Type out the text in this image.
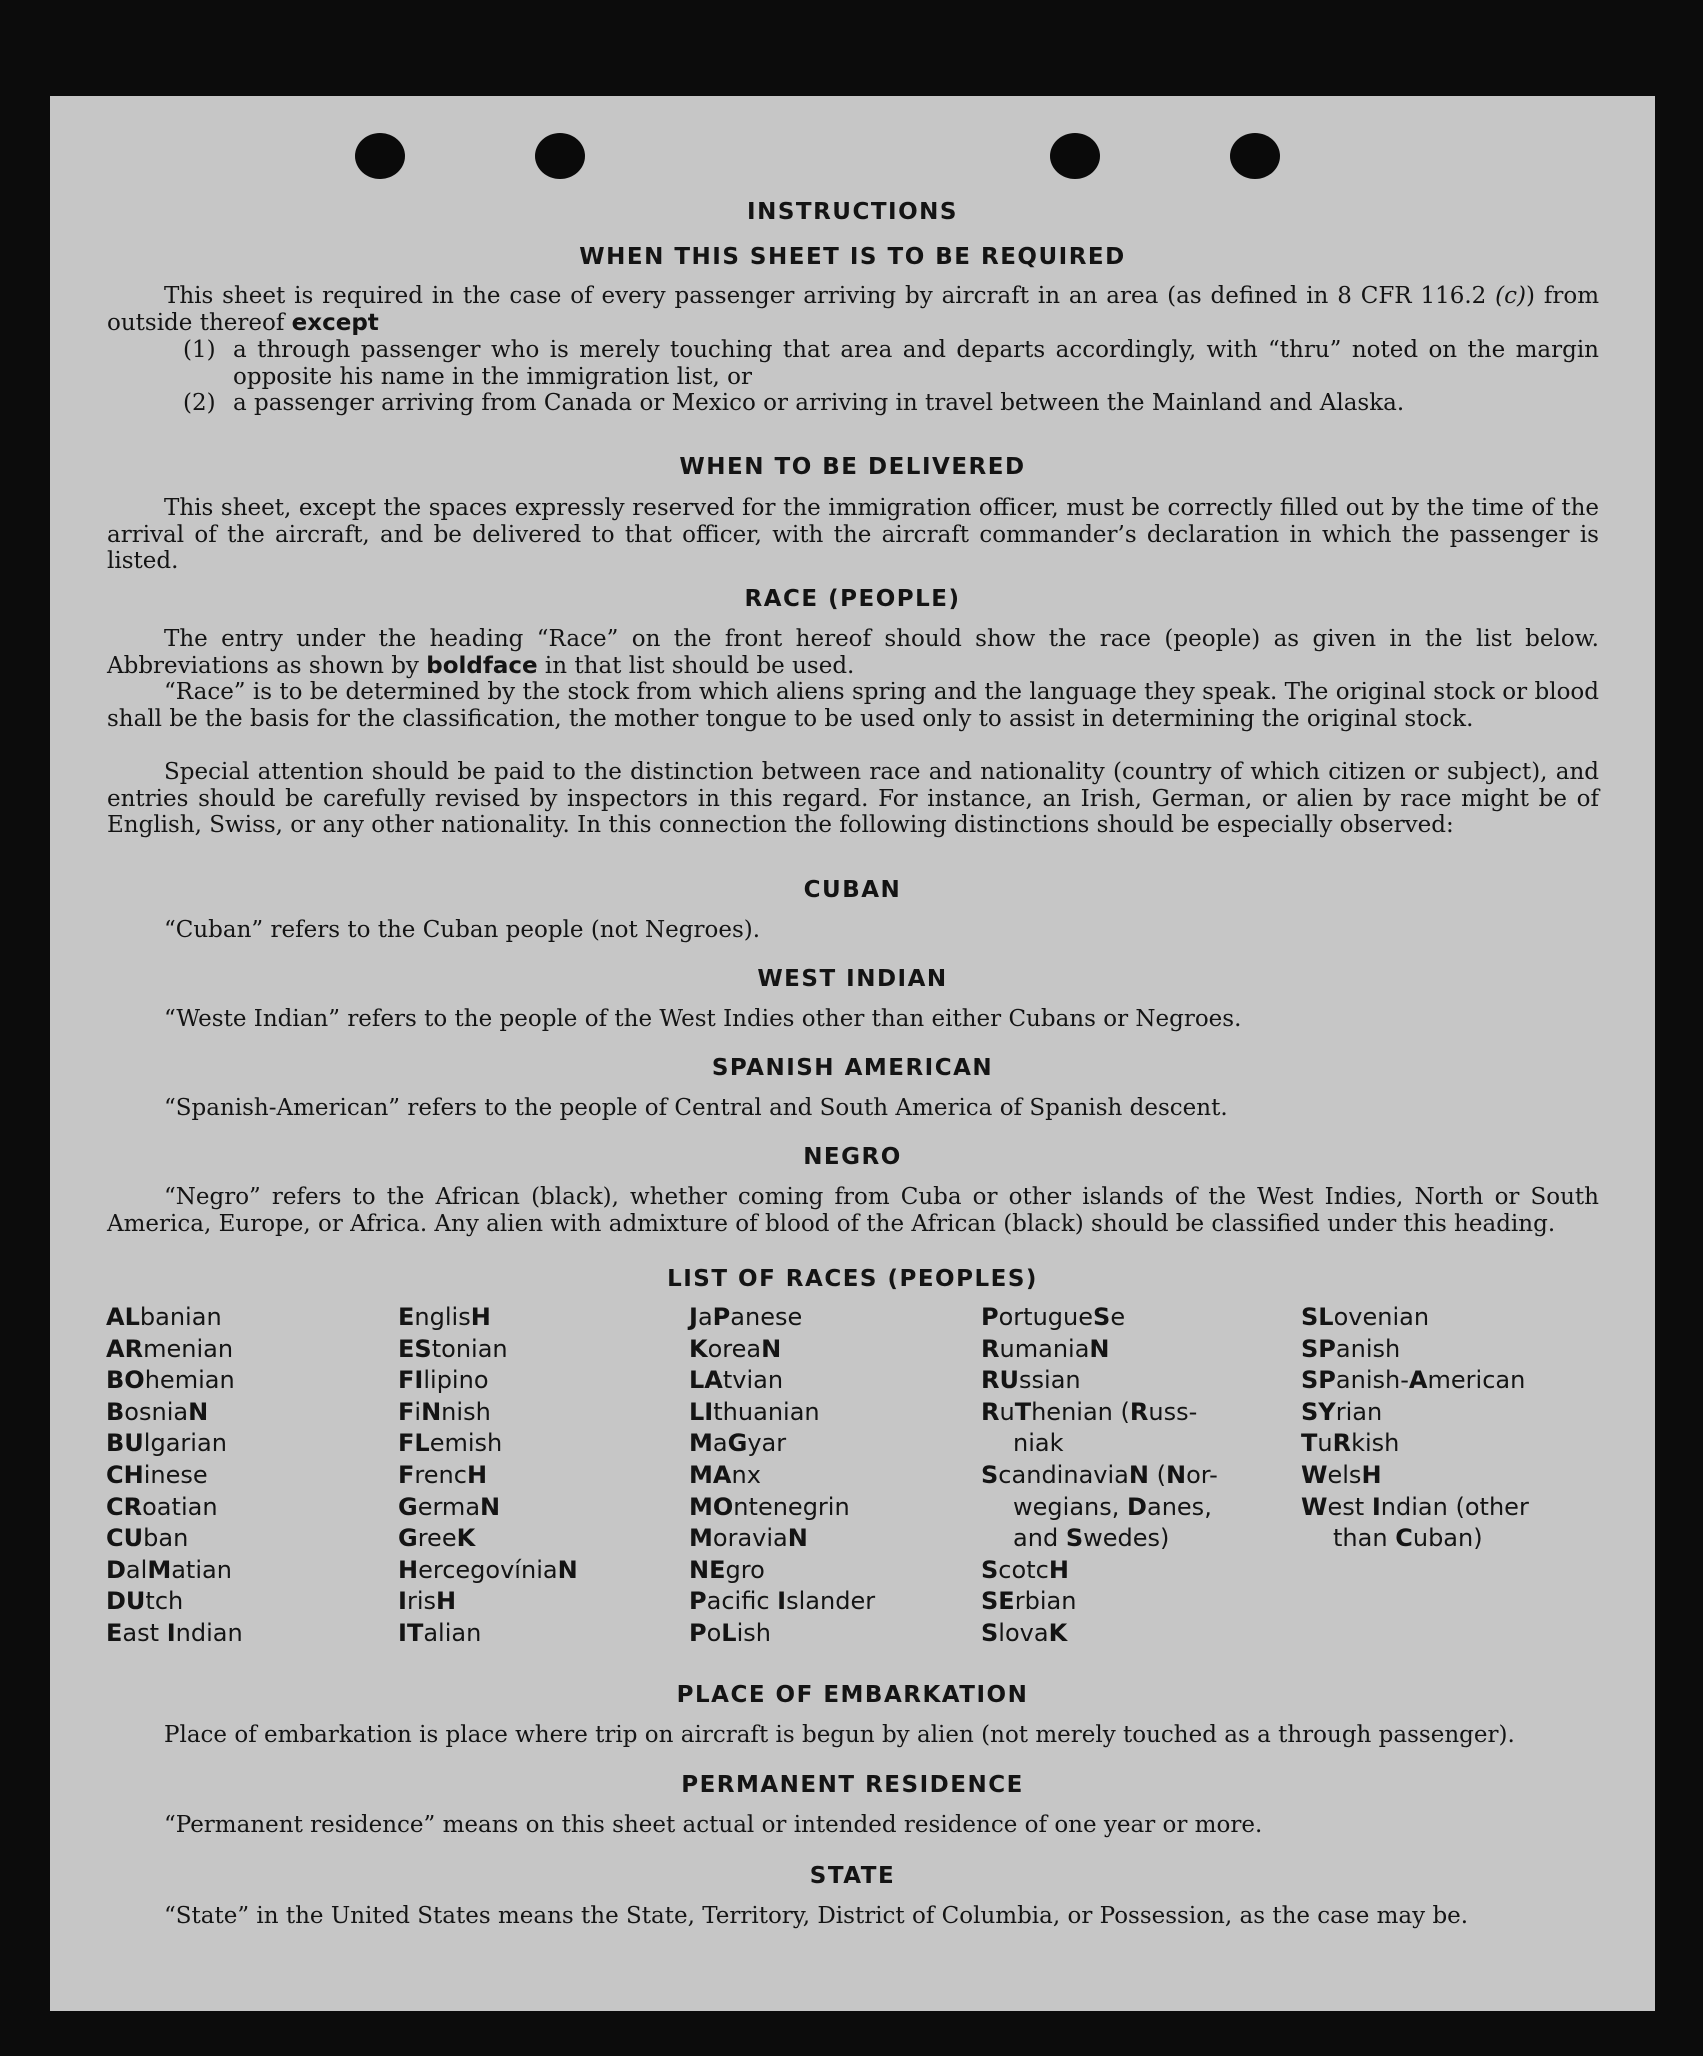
INSTRUCTIONS
WHEN THIS SHEET IS TO BE REQUIRED
This sheet is required in the case of every passenger arriving by aircraft in an area (as defined in 8 CFR 116.2 (c)) from outside thereof except
(1) a through passenger who is merely touching that area and departs accordingly, with “thru” noted on the margin opposite his name in the immigration list, or
(2) a passenger arriving from Canada or Mexico or arriving in travel between the Mainland and Alaska.
WHEN TO BE DELIVERED
This sheet, except the spaces expressly reserved for the immigration officer, must be correctly filled out by the time of the arrival of the aircraft, and be delivered to that officer, with the aircraft commander’s declaration in which the passenger is listed.
RACE (PEOPLE)
The entry under the heading “Race” on the front hereof should show the race (people) as given in the list below. Abbreviations as shown by boldface in that list should be used.
“Race” is to be determined by the stock from which aliens spring and the language they speak. The original stock or blood shall be the basis for the classification, the mother tongue to be used only to assist in determining the original stock.
Special attention should be paid to the distinction between race and nationality (country of which citizen or subject), and entries should be carefully revised by inspectors in this regard. For instance, an Irish, German, or alien by race might be of English, Swiss, or any other nationality. In this connection the following distinctions should be especially observed:
CUBAN
“Cuban” refers to the Cuban people (not Negroes).
WEST INDIAN
“Weste Indian” refers to the people of the West Indies other than either Cubans or Negroes.
SPANISH AMERICAN
“Spanish-American” refers to the people of Central and South America of Spanish descent.
NEGRO
“Negro” refers to the African (black), whether coming from Cuba or other islands of the West Indies, North or South America, Europe, or Africa. Any alien with admixture of blood of the African (black) should be classified under this heading.
LIST OF RACES (PEOPLES)
ALbanian
ARmenian
BOhemian
BosniaN
BUlgarian
CHinese
CRoatian
CUban
DalMatian
DUtch
East Indian
EnglisH
EStonian
FIlipino
FiNnish
FLemish
FrencH
GermaN
GreeK
HercegovíniaN
IrisH
ITalian
JaPanese
KoreaN
LAtvian
LIthuanian
MaGyar
MAnx
MOntenegrin
MoraviaN
NEgro
Pacifc Islander
PoLish
PortugueSe
RumaniaN
RUssian
RuThenian (Russ-
niak
ScandinaviaN (Nor-
wegians, Danes,
and Swedes)
ScotcH
SErbian
SlovaK
SLovenian
SPanish
SPanish-American
SYrian
TuRkish
WelsH
West Indian (other
than Cuban)
PLACE OF EMBARKATION
Place of embarkation is place where trip on aircraft is begun by alien (not merely touched as a through passenger).
PERMANENT RESIDENCE
“Permanent residence” means on this sheet actual or intended residence of one year or more.
STATE
“State” in the United States means the State, Territory, District of Columbia, or Possession, as the case may be.
